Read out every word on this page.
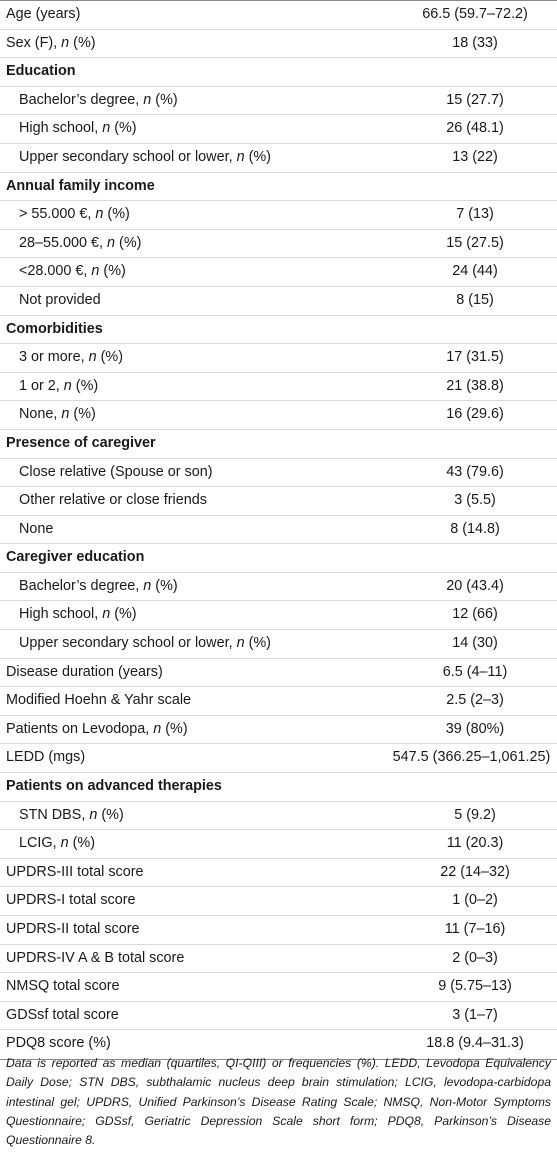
Age (years)	66.5 (59.7–72.2)
Sex (F), n (%)	18 (33)
Education
Bachelor’s degree, n (%)	15 (27.7)
High school, n (%)	26 (48.1)
Upper secondary school or lower, n (%)	13 (22)
Annual family income
> 55.000 €, n (%)	7 (13)
28–55.000 €, n (%)	15 (27.5)
<28.000 €, n (%)	24 (44)
Not provided	8 (15)
Comorbidities
3 or more, n (%)	17 (31.5)
1 or 2, n (%)	21 (38.8)
None, n (%)	16 (29.6)
Presence of caregiver
Close relative (Spouse or son)	43 (79.6)
Other relative or close friends	3 (5.5)
None	8 (14.8)
Caregiver education
Bachelor’s degree, n (%)	20 (43.4)
High school, n (%)	12 (66)
Upper secondary school or lower, n (%)	14 (30)
Disease duration (years)	6.5 (4–11)
Modified Hoehn & Yahr scale	2.5 (2–3)
Patients on Levodopa, n (%)	39 (80%)
LEDD (mgs)	547.5 (366.25–1,061.25)
Patients on advanced therapies
STN DBS, n (%)	5 (9.2)
LCIG, n (%)	11 (20.3)
UPDRS-III total score	22 (14–32)
UPDRS-I total score	1 (0–2)
UPDRS-II total score	11 (7–16)
UPDRS-IV A & B total score	2 (0–3)
NMSQ total score	9 (5.75–13)
GDSsf total score	3 (1–7)
PDQ8 score (%)	18.8 (9.4–31.3)

Data is reported as median (quartiles, QI-QIII) or frequencies (%). LEDD, Levodopa Equivalency Daily Dose; STN DBS, subthalamic nucleus deep brain stimulation; LCIG, levodopa-carbidopa intestinal gel; UPDRS, Unified Parkinson’s Disease Rating Scale; NMSQ, Non-Motor Symptoms Questionnaire; GDSsf, Geriatric Depression Scale short form; PDQ8, Parkinson’s Disease Questionnaire 8.
